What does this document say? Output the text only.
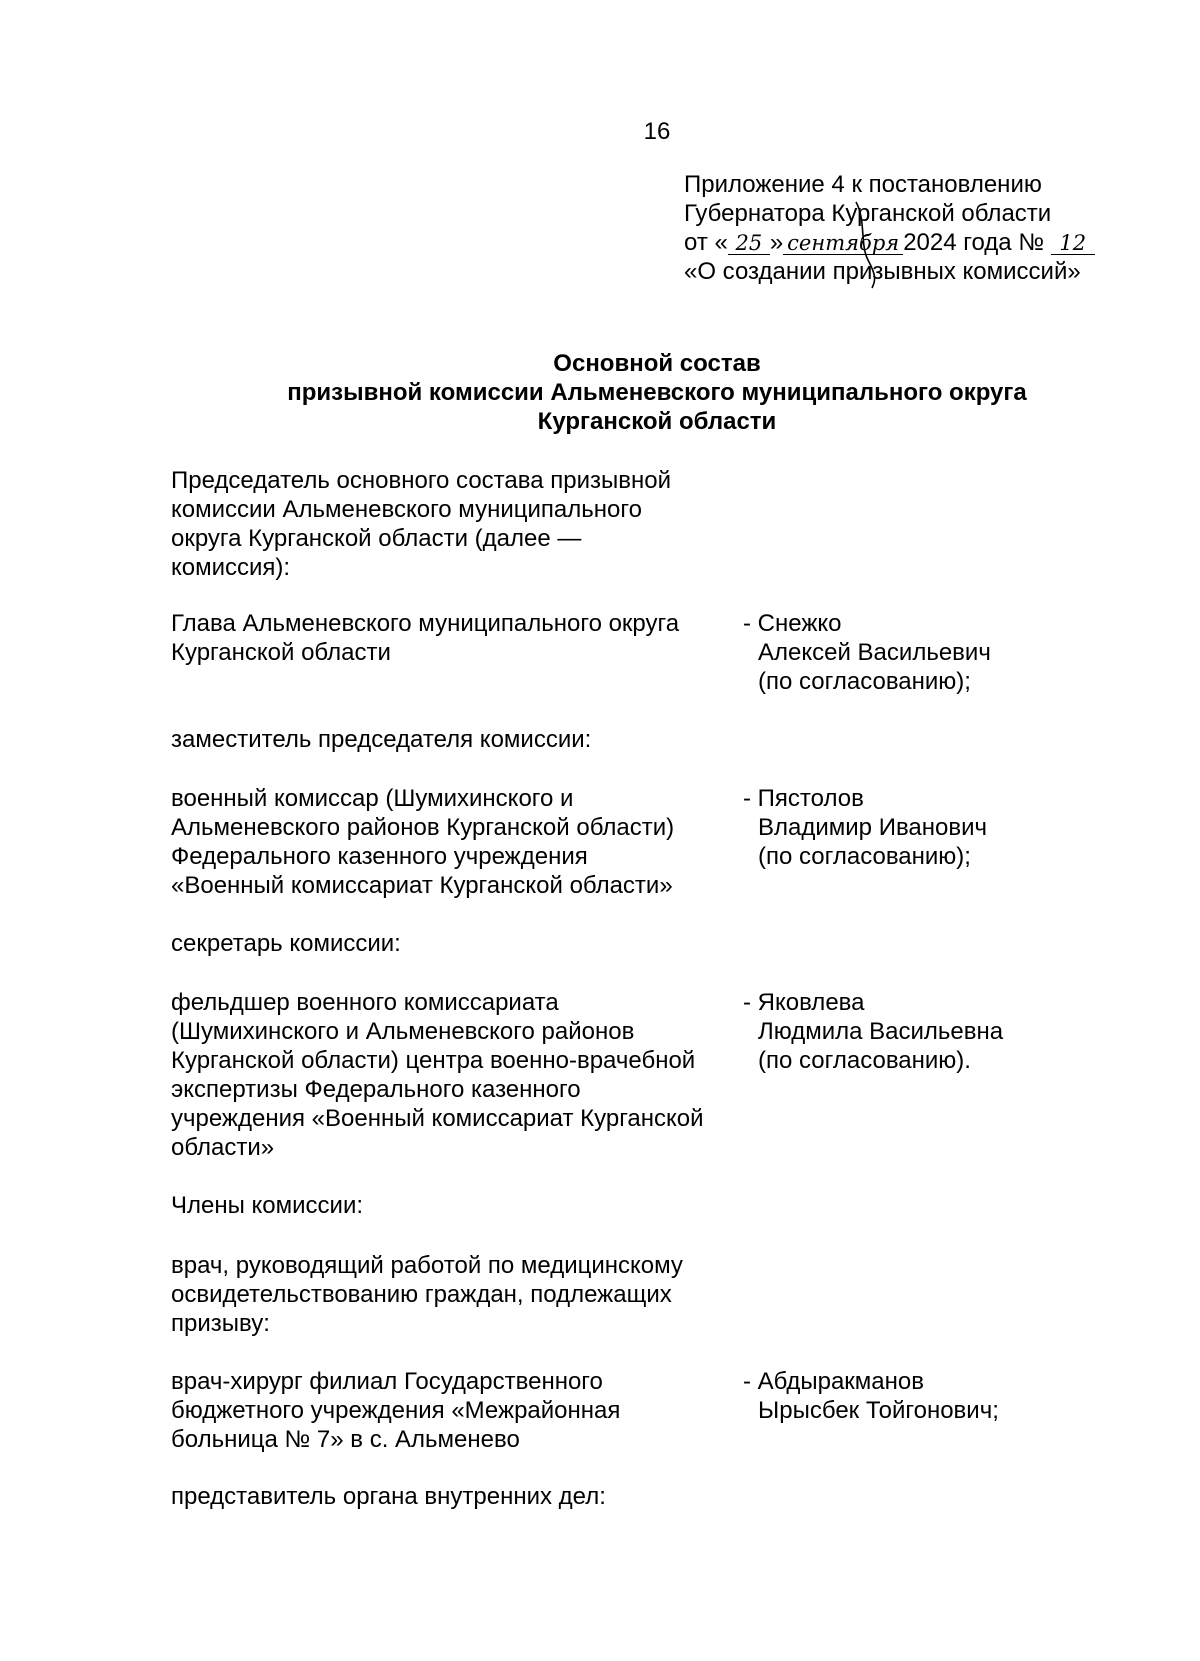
16
Приложение 4 к постановлению
Губернатора Курганской области
от « 25 » сентября 2024 года № 12
«О создании призывных комиссий»
Основной состав
призывной комиссии Альменевского муниципального округа
Курганской области
Председатель основного состава призывной
комиссии Альменевского муниципального
округа Курганской области (далее —
комиссия):
Глава Альменевского муниципального округа
Курганской области
- Снежко
Алексей Васильевич
(по согласованию);
заместитель председателя комиссии:
военный комиссар (Шумихинского и
Альменевского районов Курганской области)
Федерального казенного учреждения
«Военный комиссариат Курганской области»
- Пястолов
Владимир Иванович
(по согласованию);
секретарь комиссии:
фельдшер военного комиссариата
(Шумихинского и Альменевского районов
Курганской области) центра военно-врачебной
экспертизы Федерального казенного
учреждения «Военный комиссариат Курганской
области»
- Яковлева
Людмила Васильевна
(по согласованию).
Члены комиссии:
врач, руководящий работой по медицинскому
освидетельствованию граждан, подлежащих
призыву:
врач-хирург филиал Государственного
бюджетного учреждения «Межрайонная
больница № 7» в с. Альменево
- Абдыракманов
Ырысбек Тойгонович;
представитель органа внутренних дел:
